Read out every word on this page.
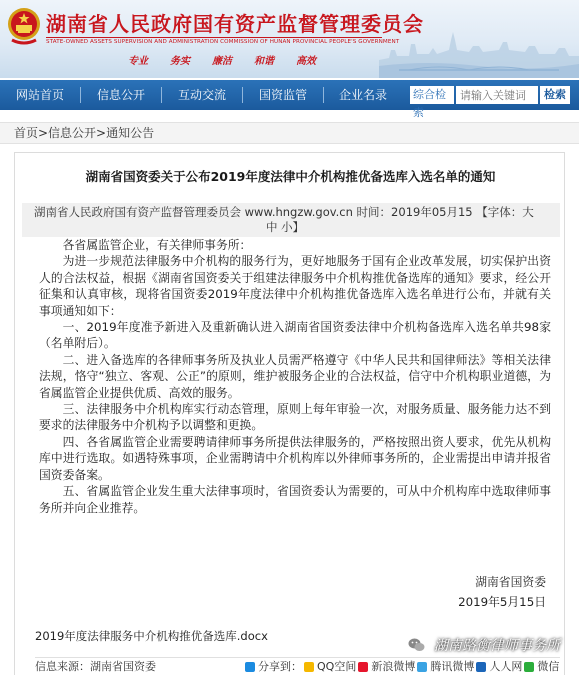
湖南省人民政府国有资产监督管理委员会
STATE-OWNED ASSETS SUPERVISION AND ADMINISTRATION COMMISSION OF HUNAN PROVINCIAL PEOPLE'S GOVERNMENT
专业 务实 廉洁 和谐 高效
网站首页	信息公开	互动交流	国资监管	企业名录	综合检索
请输入关键词
检索
首页>信息公开>通知公告
湖南省国资委关于公布2019年度法律中介机构推优备选库入选名单的通知
湖南省人民政府国有资产监督管理委员会 www.hngzw.gov.cn 时间：2019年05月15 【字体：大
中 小】

各省属监管企业，有关律师事务所：

为进一步规范法律服务中介机构的服务行为，更好地服务于国有企业改革发展，切实保护出资人的合法权益，根据《湖南省国资委关于组建法律服务中介机构推优备选库的通知》要求，经公开征集和认真审核，现将省国资委2019年度法律中介机构推优备选库入选名单进行公布，并就有关事项通知如下：

一、2019年度准予新进入及重新确认进入湖南省国资委法律中介机构备选库入选名单共98家（名单附后）。

二、进入备选库的各律师事务所及执业人员需严格遵守《中华人民共和国律师法》等相关法律法规，恪守“独立、客观、公正”的原则，维护被服务企业的合法权益，信守中介机构职业道德，为省属监管企业提供优质、高效的服务。

三、法律服务中介机构库实行动态管理，原则上每年审验一次，对服务质量、服务能力达不到要求的法律服务中介机构予以调整和更换。

四、各省属监管企业需要聘请律师事务所提供法律服务的，严格按照出资人要求，优先从机构库中进行选取。如遇特殊事项，企业需聘请中介机构库以外律师事务所的，企业需提出申请并报省国资委备案。

五、省属监管企业发生重大法律事项时，省国资委认为需要的，可从中介机构库中选取律师事务所并向企业推荐。

湖南省国资委
2019年5月15日
2019年度法律服务中介机构推优备选库.docx
信息来源：湖南省国资委	分享到： QQ空间 新浪微博 腾讯微博 人人网 微信
湖南路衡律师事务所
